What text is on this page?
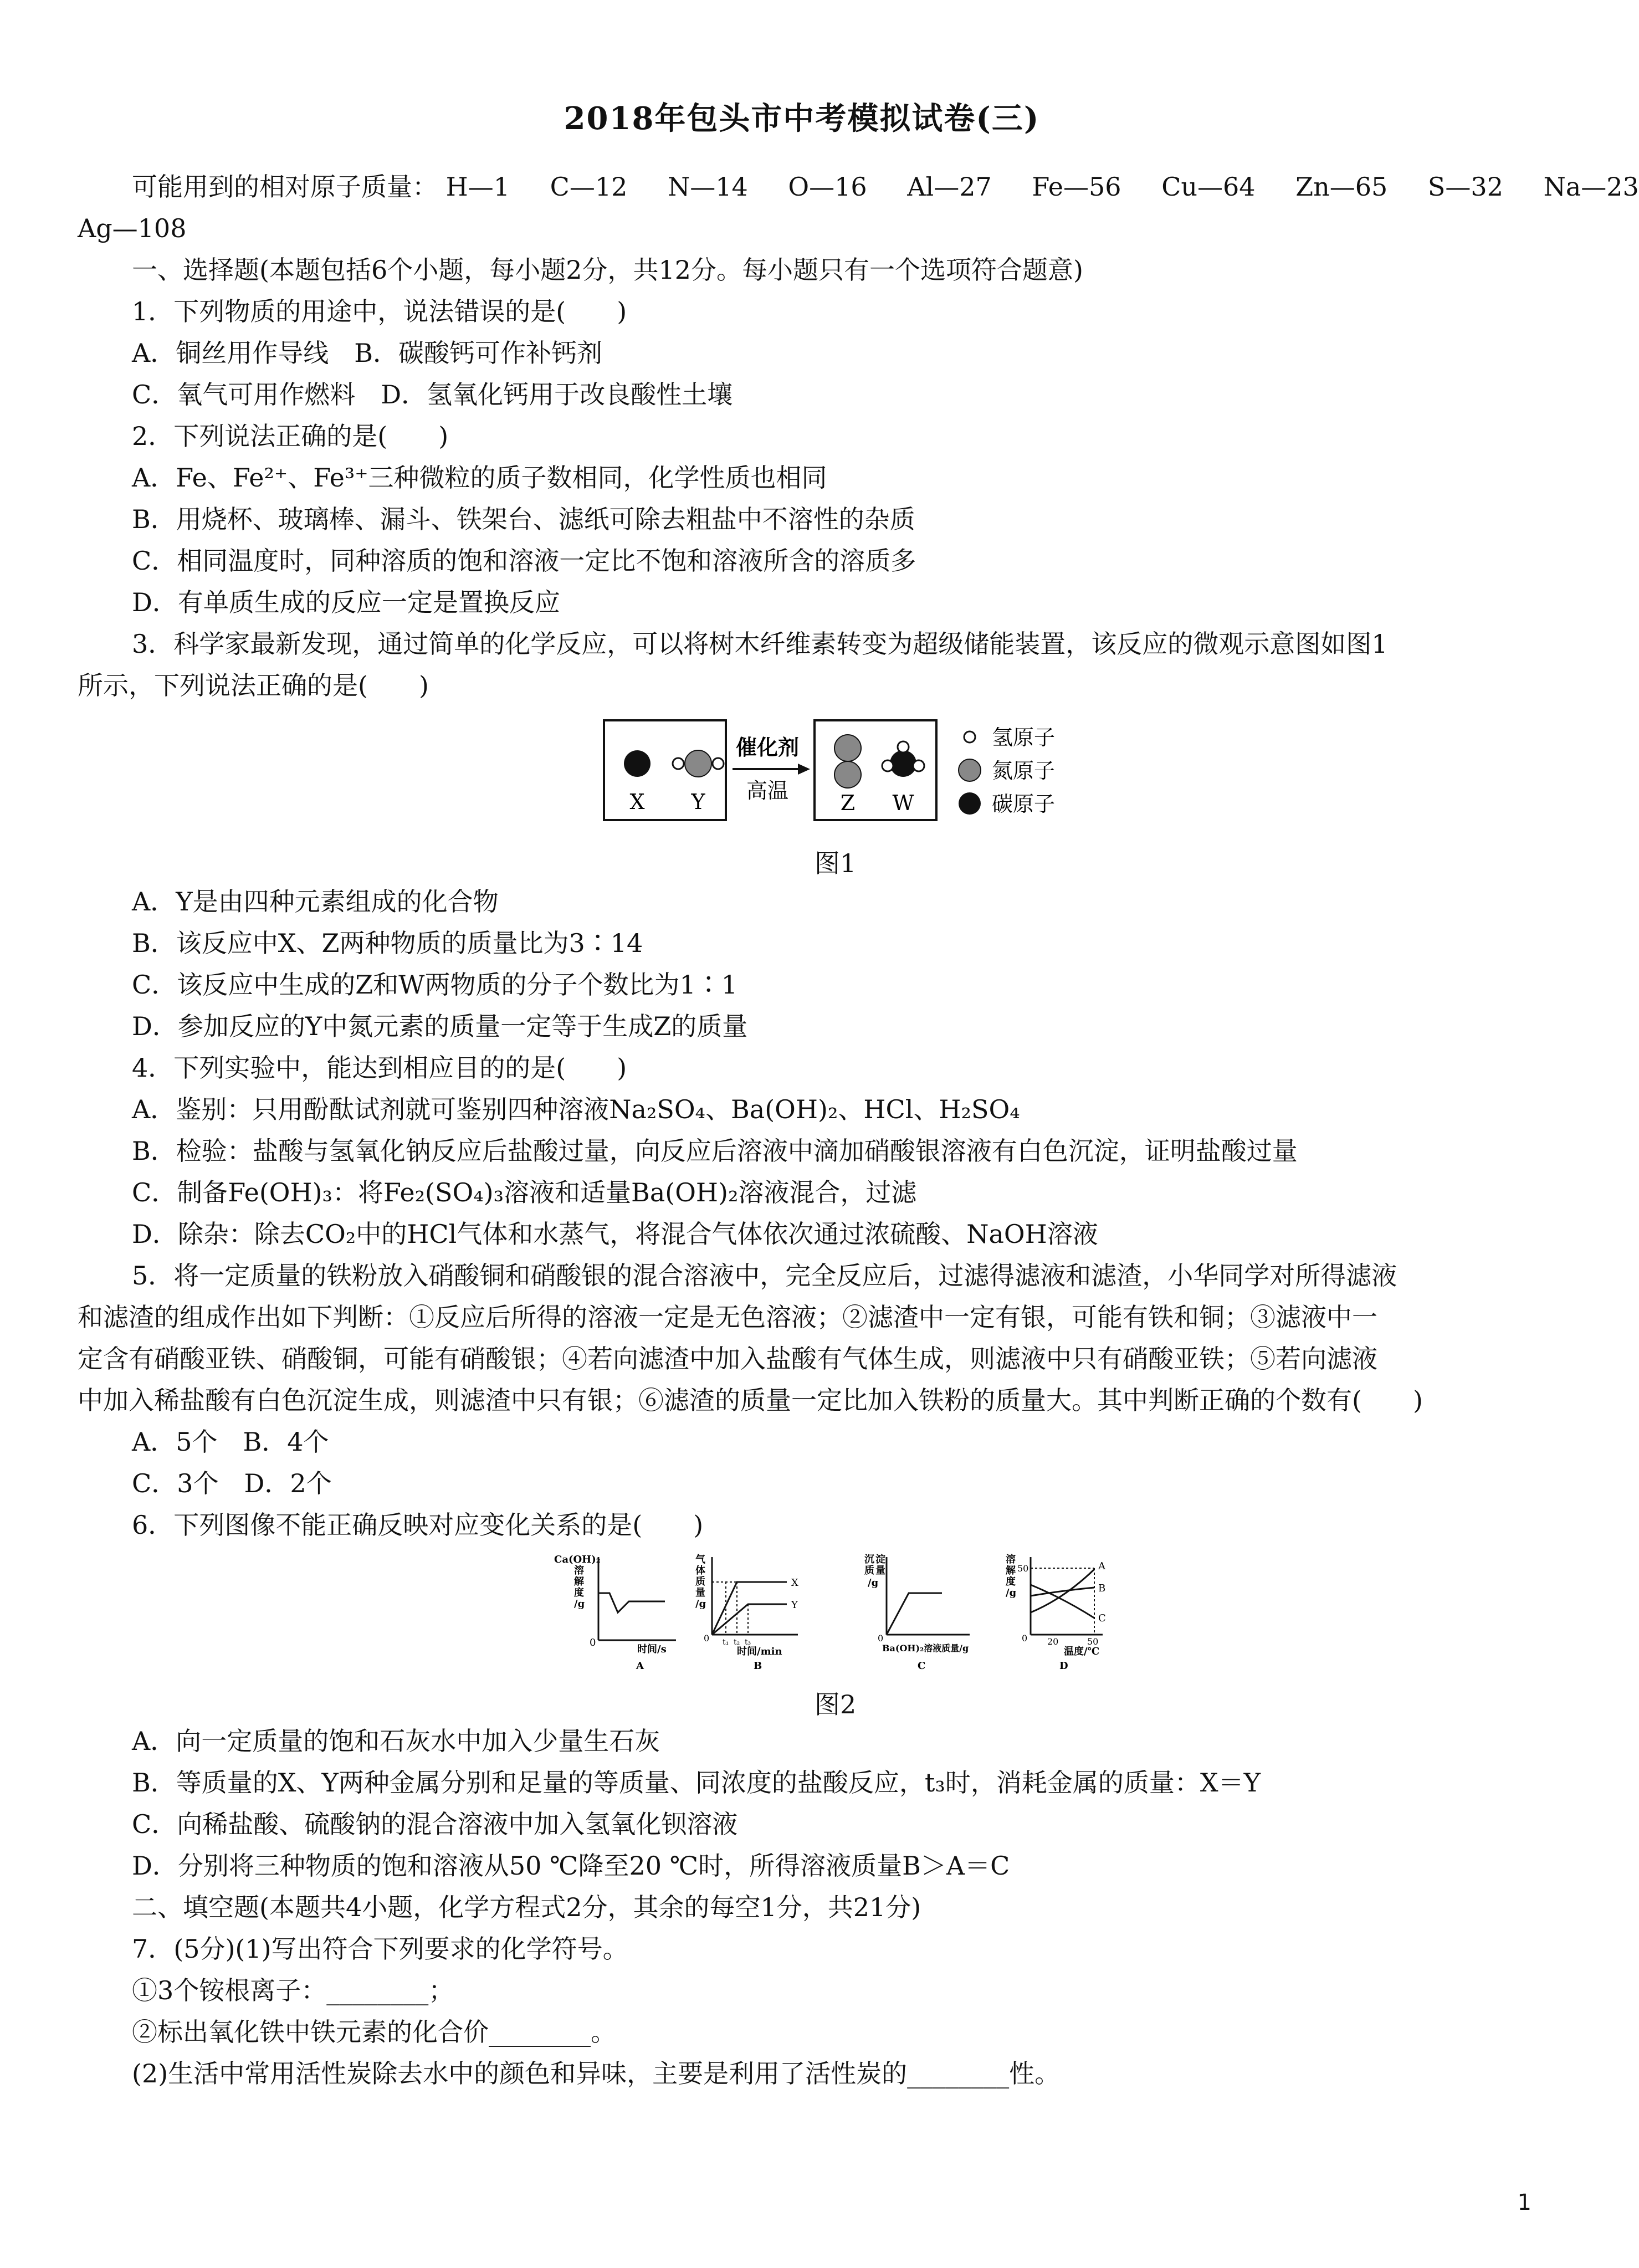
2018年包头市中考模拟试卷(三)
可能用到的相对原子质量： H—1 C—12 N—14 O—16 Al—27 Fe—56 Cu—64 Zn—65 S—32 Na—23
Ag—108
一、选择题(本题包括6个小题，每小题2分，共12分。每小题只有一个选项符合题意)
1．下列物质的用途中，说法错误的是(　　)
A．铜丝用作导线　B．碳酸钙可作补钙剂
C．氧气可用作燃料　D．氢氧化钙用于改良酸性土壤
2．下列说法正确的是(　　)
A．Fe、Fe²⁺、Fe³⁺三种微粒的质子数相同，化学性质也相同
B．用烧杯、玻璃棒、漏斗、铁架台、滤纸可除去粗盐中不溶性的杂质
C．相同温度时，同种溶质的饱和溶液一定比不饱和溶液所含的溶质多
D．有单质生成的反应一定是置换反应
3．科学家最新发现，通过简单的化学反应，可以将树木纤维素转变为超级储能装置，该反应的微观示意图如图1
所示，下列说法正确的是(　　)
X Y
催化剂
高温 Z W
氢原子
氮原子
碳原子
图1
A．Y是由四种元素组成的化合物
B．该反应中X、Z两种物质的质量比为3∶14
C．该反应中生成的Z和W两物质的分子个数比为1∶1
D．参加反应的Y中氮元素的质量一定等于生成Z的质量
4．下列实验中，能达到相应目的的是(　　)
A．鉴别：只用酚酞试剂就可鉴别四种溶液Na₂SO₄、Ba(OH)₂、HCl、H₂SO₄
B．检验：盐酸与氢氧化钠反应后盐酸过量，向反应后溶液中滴加硝酸银溶液有白色沉淀，证明盐酸过量
C．制备Fe(OH)₃：将Fe₂(SO₄)₃溶液和适量Ba(OH)₂溶液混合，过滤
D．除杂：除去CO₂中的HCl气体和水蒸气，将混合气体依次通过浓硫酸、NaOH溶液
5．将一定质量的铁粉放入硝酸铜和硝酸银的混合溶液中，完全反应后，过滤得滤液和滤渣，小华同学对所得滤液
和滤渣的组成作出如下判断：①反应后所得的溶液一定是无色溶液；②滤渣中一定有银，可能有铁和铜；③滤液中一
定含有硝酸亚铁、硝酸铜，可能有硝酸银；④若向滤渣中加入盐酸有气体生成，则滤液中只有硝酸亚铁；⑤若向滤液
中加入稀盐酸有白色沉淀生成，则滤渣中只有银；⑥滤渣的质量一定比加入铁粉的质量大。其中判断正确的个数有(　　)
A．5个　B．4个
C．3个　D．2个
6．下列图像不能正确反映对应变化关系的是(　　)
Ca(OH)₂
溶
解
度
/g
0
时间/s
A
气
体
质
量
/g
X
Y
0 t₁ t₂ t₃
时间/min
B
沉 淀
质 量
/g
0
Ba(OH)₂溶液质量/g
C
溶
解
度
/g
50	A
B
C
0 20	50
温度/℃
D
图2
A．向一定质量的饱和石灰水中加入少量生石灰
B．等质量的X、Y两种金属分别和足量的等质量、同浓度的盐酸反应，t₃时，消耗金属的质量：X＝Y
C．向稀盐酸、硫酸钠的混合溶液中加入氢氧化钡溶液
D．分别将三种物质的饱和溶液从50 ℃降至20 ℃时，所得溶液质量B＞A＝C
二、填空题(本题共4小题，化学方程式2分，其余的每空1分，共21分)
7．(5分)(1)写出符合下列要求的化学符号。
①3个铵根离子：________；
②标出氧化铁中铁元素的化合价________。
(2)生活中常用活性炭除去水中的颜色和异味，主要是利用了活性炭的________性。
1
